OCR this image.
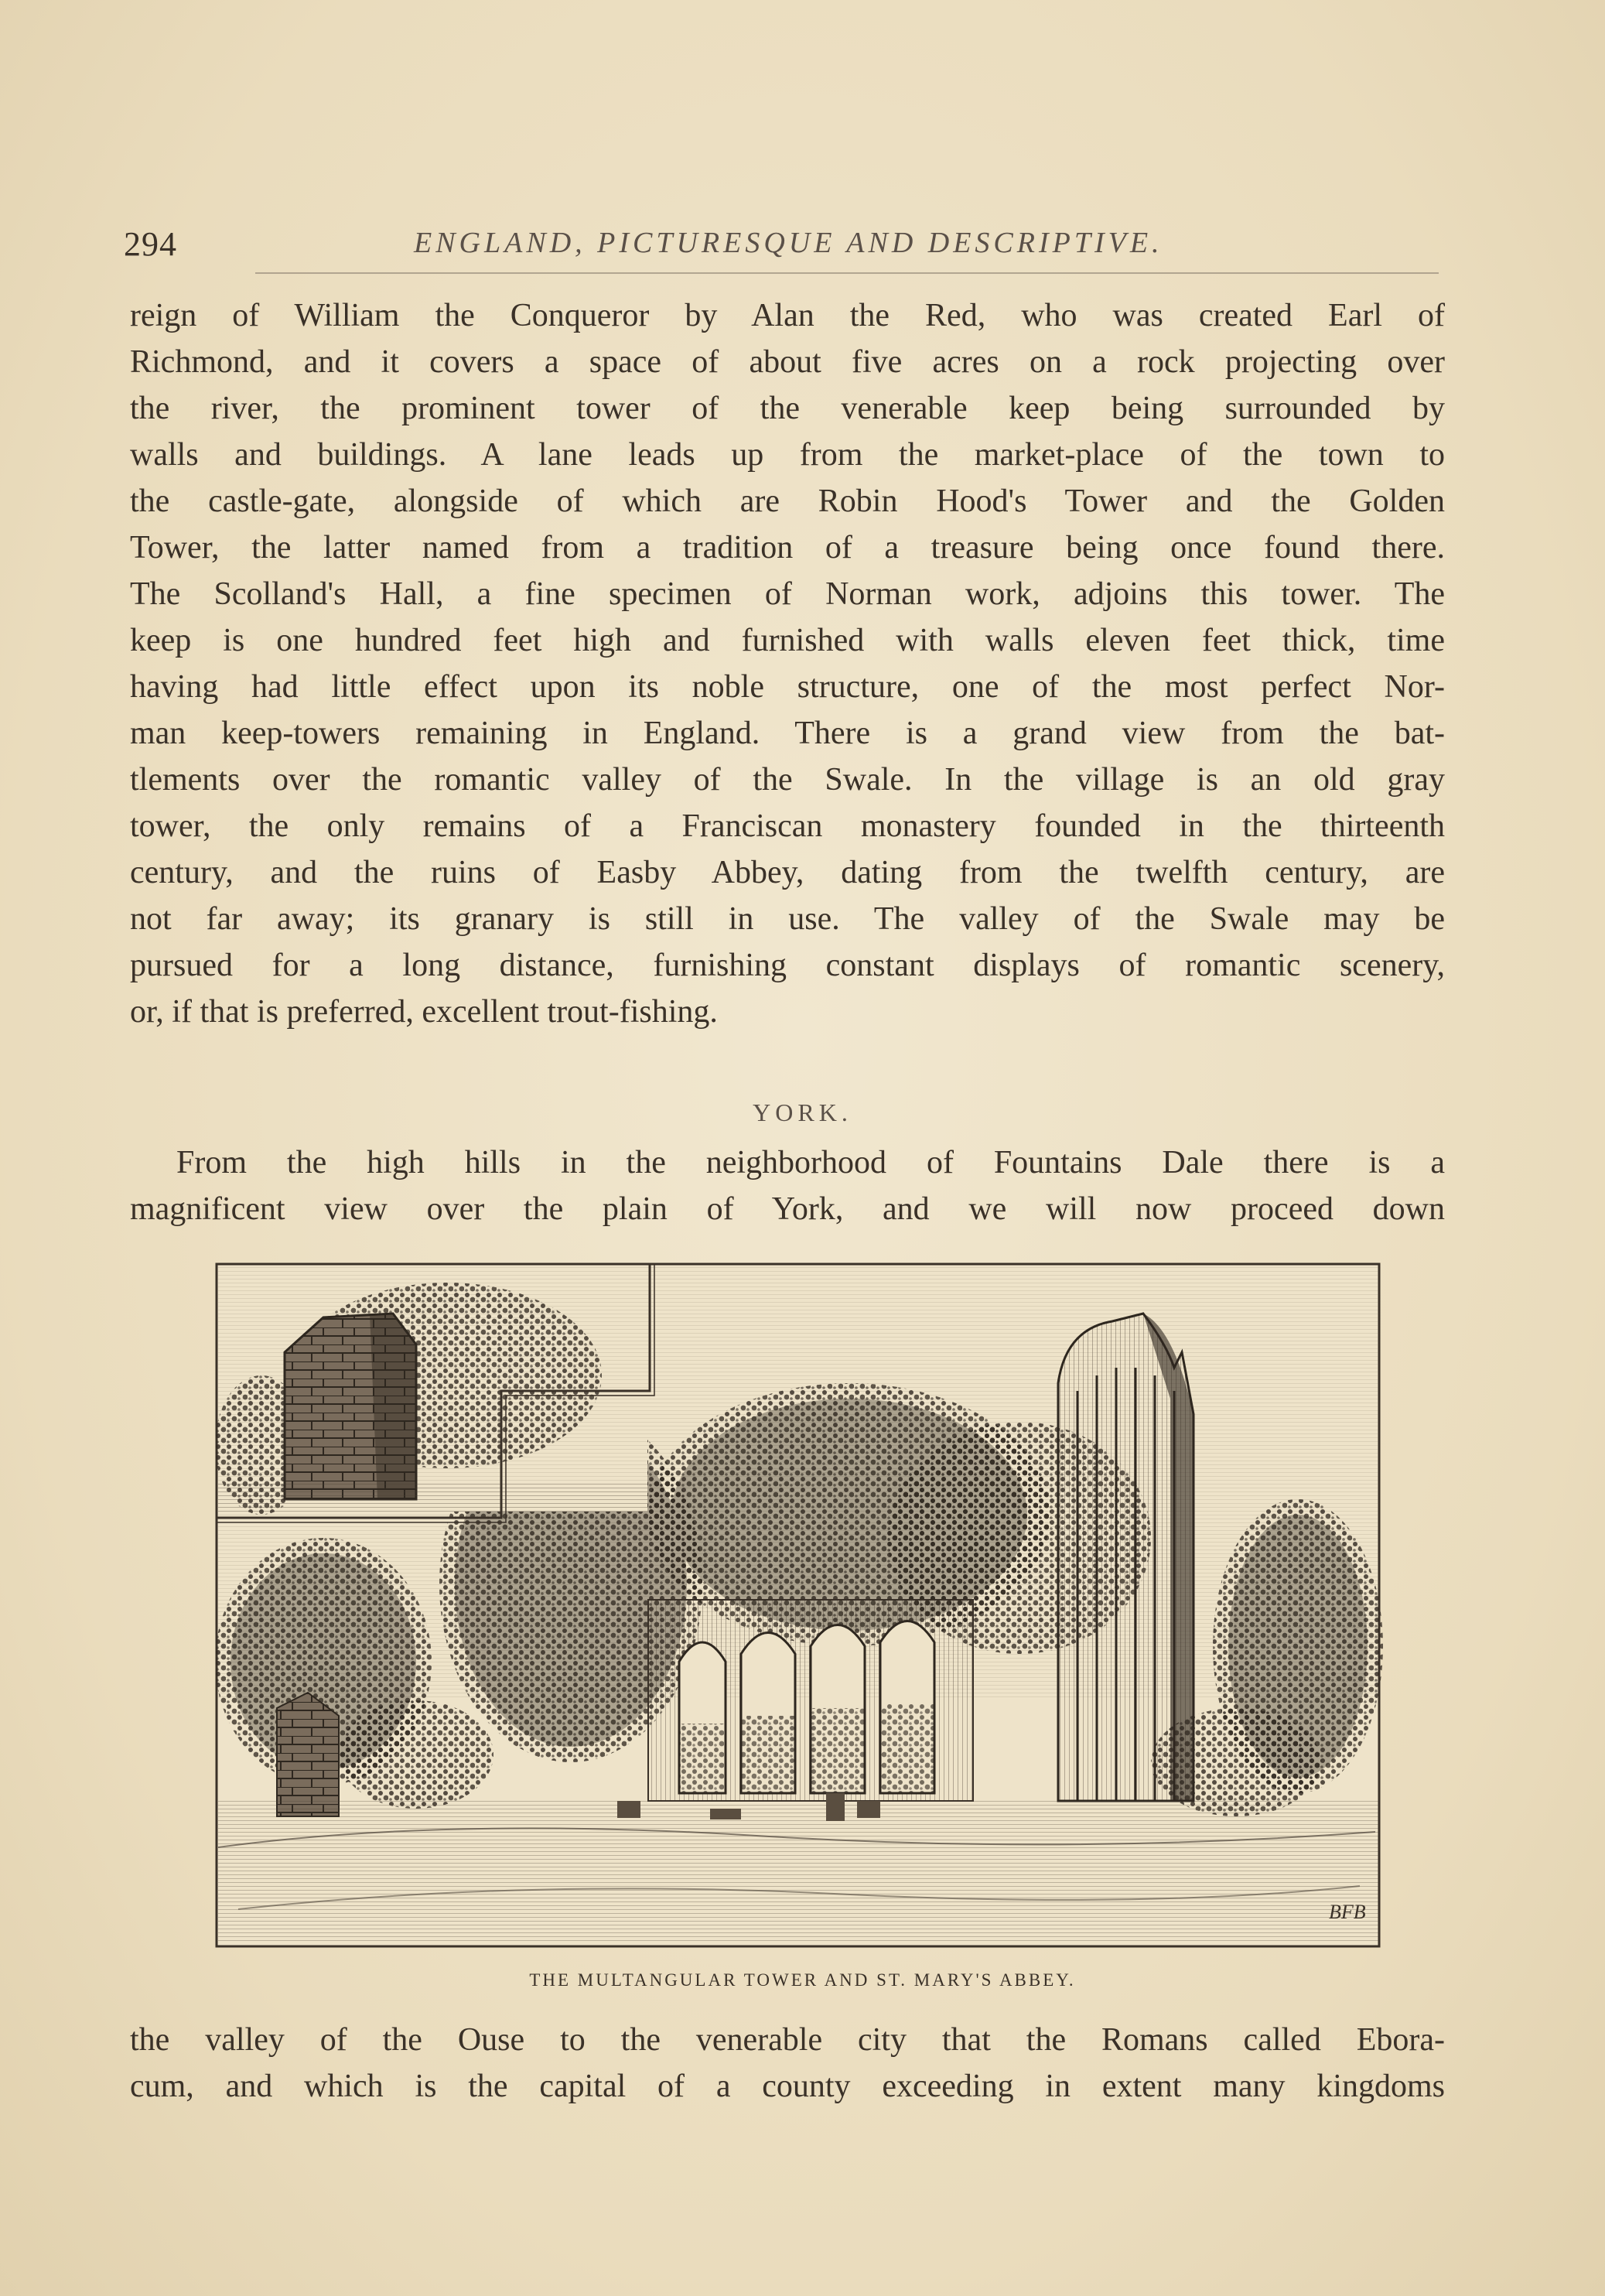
294	ENGLAND, PICTURESQUE AND DESCRIPTIVE.

reign of William the Conqueror by Alan the Red, who was created Earl of
Richmond, and it covers a space of about five acres on a rock projecting over
the river, the prominent tower of the venerable keep being surrounded by
walls and buildings. A lane leads up from the market-place of the town to
the castle-gate, alongside of which are Robin Hood's Tower and the Golden
Tower, the latter named from a tradition of a treasure being once found there.
The Scolland's Hall, a fine specimen of Norman work, adjoins this tower. The
keep is one hundred feet high and furnished with walls eleven feet thick, time
having had little effect upon its noble structure, one of the most perfect Nor-
man keep-towers remaining in England. There is a grand view from the bat-
tlements over the romantic valley of the Swale. In the village is an old gray
tower, the only remains of a Franciscan monastery founded in the thirteenth
century, and the ruins of Easby Abbey, dating from the twelfth century, are
not far away; its granary is still in use. The valley of the Swale may be
pursued for a long distance, furnishing constant displays of romantic scenery,
or, if that is preferred, excellent trout-fishing.

YORK.

From the high hills in the neighborhood of Fountains Dale there is a
magnificent view over the plain of York, and we will now proceed down

BFB
THE MULTANGULAR TOWER AND ST. MARY'S ABBEY.

the valley of the Ouse to the venerable city that the Romans called Ebora-
cum, and which is the capital of a county exceeding in extent many kingdoms
